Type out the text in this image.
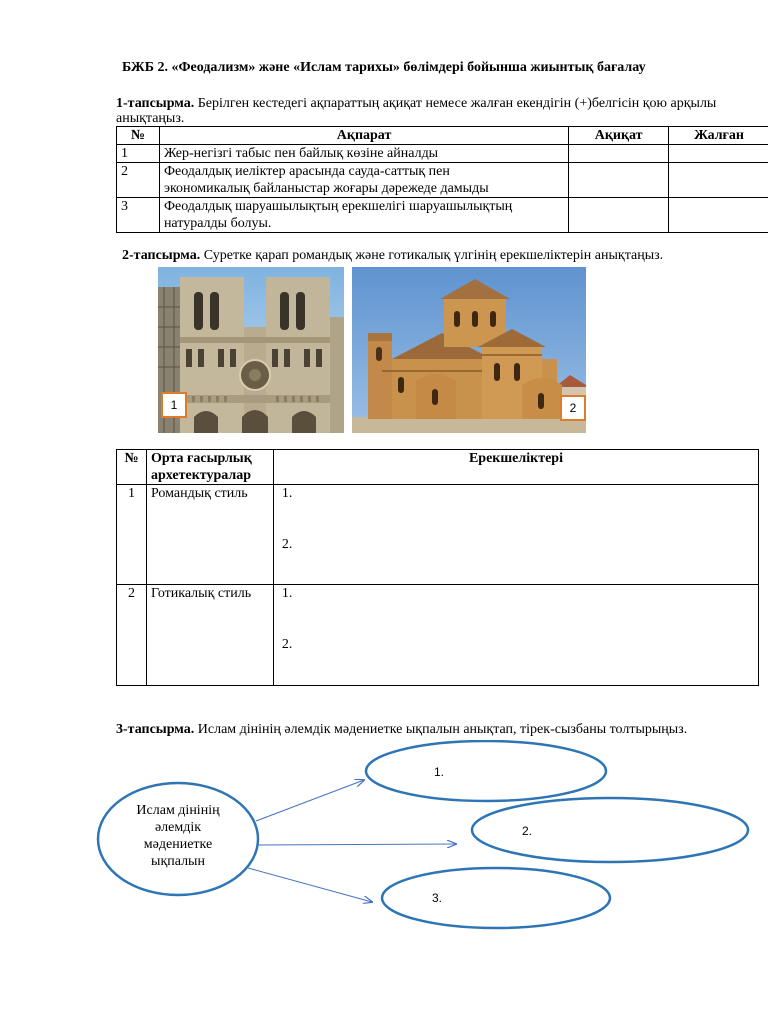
БЖБ 2. «Феодализм» және «Ислам тарихы» бөлімдері бойынша жиынтық бағалау
1-тапсырма. Берілген кестедегі ақпараттың ақиқат немесе жалған екендігін (+)белгісін қою арқылы
анықтаңыз.
№	Ақпарат	Ақиқат	Жалған
1	Жер-негізгі табыс пен байлық көзіне айналды		
2	Феодалдық иеліктер арасында сауда-саттық пен
экономикалық байланыстар жоғары дәрежеде дамыды		
3	Феодалдық шаруашылықтың ерекшелігі шаруашылықтың
натуралды болуы.		
2-тапсырма. Суретке қарап романдық және готикалық үлгінің ерекшеліктерін анықтаңыз.
1	2
№	Орта ғасырлық
архетектуралар	Ерекшеліктері
1	Романдық стиль	1.
2.

2	Готикалық стиль	1.
2.
3-тапсырма. Ислам дінінің әлемдік мәдениетке ықпалын анықтап, тірек-сызбаны толтырыңыз.
Ислам дінінің
әлемдік
мәдениетке
ықпалын
1.
2.
3.
